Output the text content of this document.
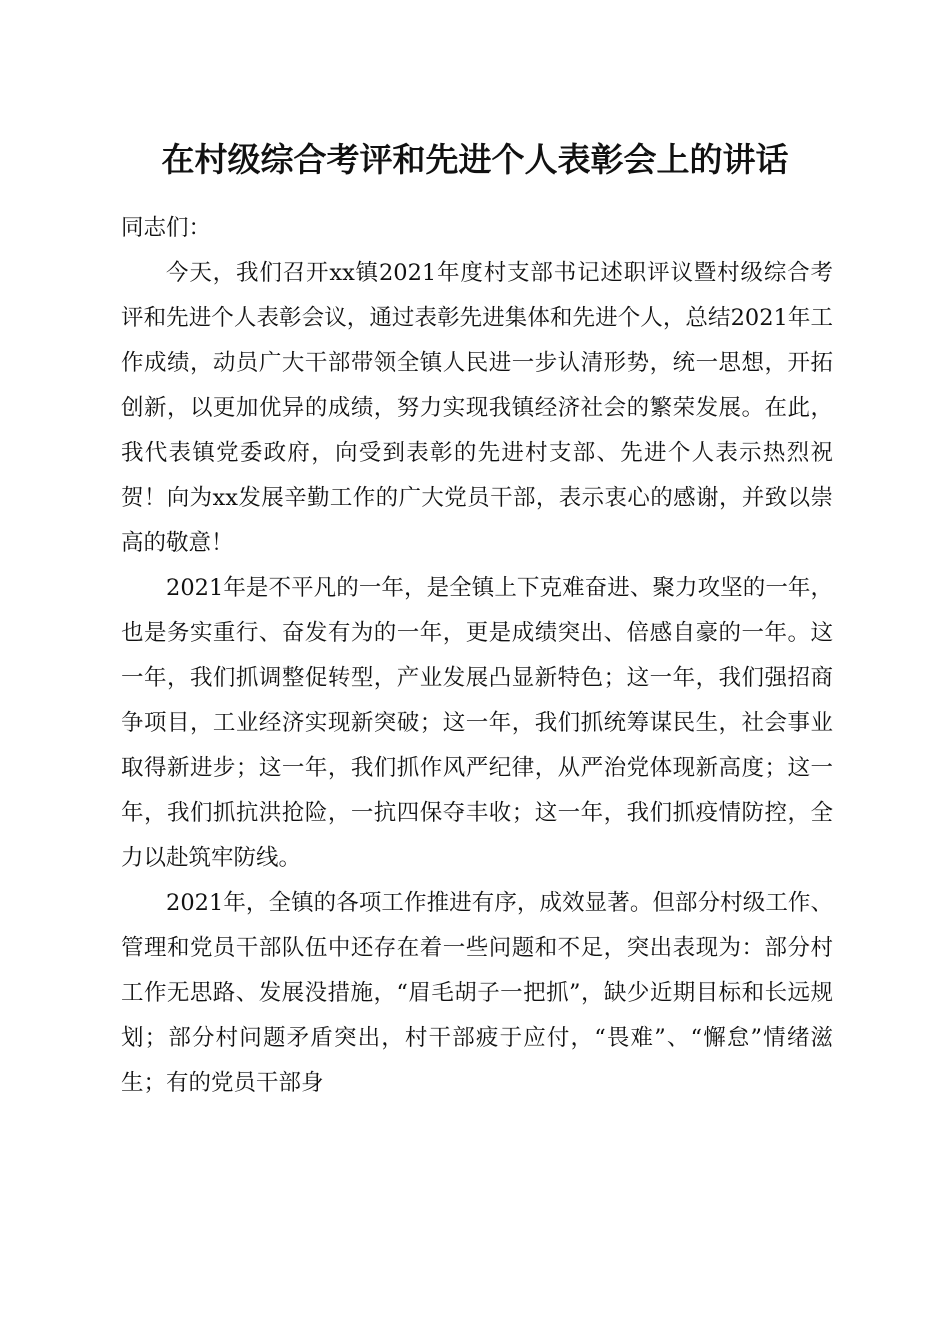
在村级综合考评和先进个人表彰会上的讲话

同志们：

今天，我们召开xx镇2021年度村支部书记述职评议暨村级综合考评和先进个人表彰会议，通过表彰先进集体和先进个人，总结2021年工作成绩，动员广大干部带领全镇人民进一步认清形势，统一思想，开拓创新，以更加优异的成绩，努力实现我镇经济社会的繁荣发展。在此，我代表镇党委政府，向受到表彰的先进村支部、先进个人表示热烈祝贺！向为xx发展辛勤工作的广大党员干部，表示衷心的感谢，并致以崇高的敬意！

2021年是不平凡的一年，是全镇上下克难奋进、聚力攻坚的一年，也是务实重行、奋发有为的一年，更是成绩突出、倍感自豪的一年。这一年，我们抓调整促转型，产业发展凸显新特色；这一年，我们强招商争项目，工业经济实现新突破；这一年，我们抓统筹谋民生，社会事业取得新进步；这一年，我们抓作风严纪律，从严治党体现新高度；这一年，我们抓抗洪抢险，一抗四保夺丰收；这一年，我们抓疫情防控，全力以赴筑牢防线。

2021年，全镇的各项工作推进有序，成效显著。但部分村级工作、管理和党员干部队伍中还存在着一些问题和不足，突出表现为：部分村工作无思路、发展没措施，“眉毛胡子一把抓”，缺少近期目标和长远规划；部分村问题矛盾突出，村干部疲于应付，“畏难”、“懈怠”情绪滋生；有的党员干部身
